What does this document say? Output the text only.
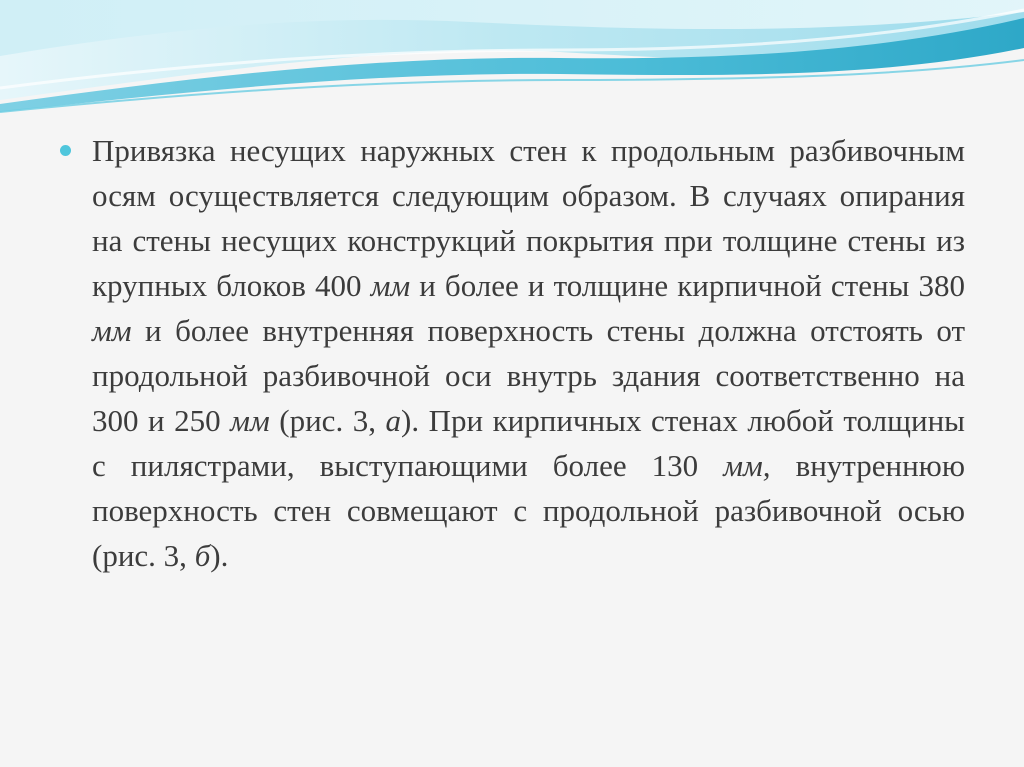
Привязка несущих наружных стен к продольным разбивочным осям осуществляется следующим образом. В случаях опирания на стены несущих конструкций покрытия при толщине стены из крупных блоков 400 мм и более и толщине кирпичной стены 380 мм и более внутренняя поверхность стены должна отстоять от продольной разбивочной оси внутрь здания соответственно на 300 и 250 мм (рис. 3, а). При кирпичных стенах любой толщины с пилястрами, выступающими более 130 мм, внутреннюю поверхность стен совмещают с продольной разбивочной осью (рис. 3, б).
